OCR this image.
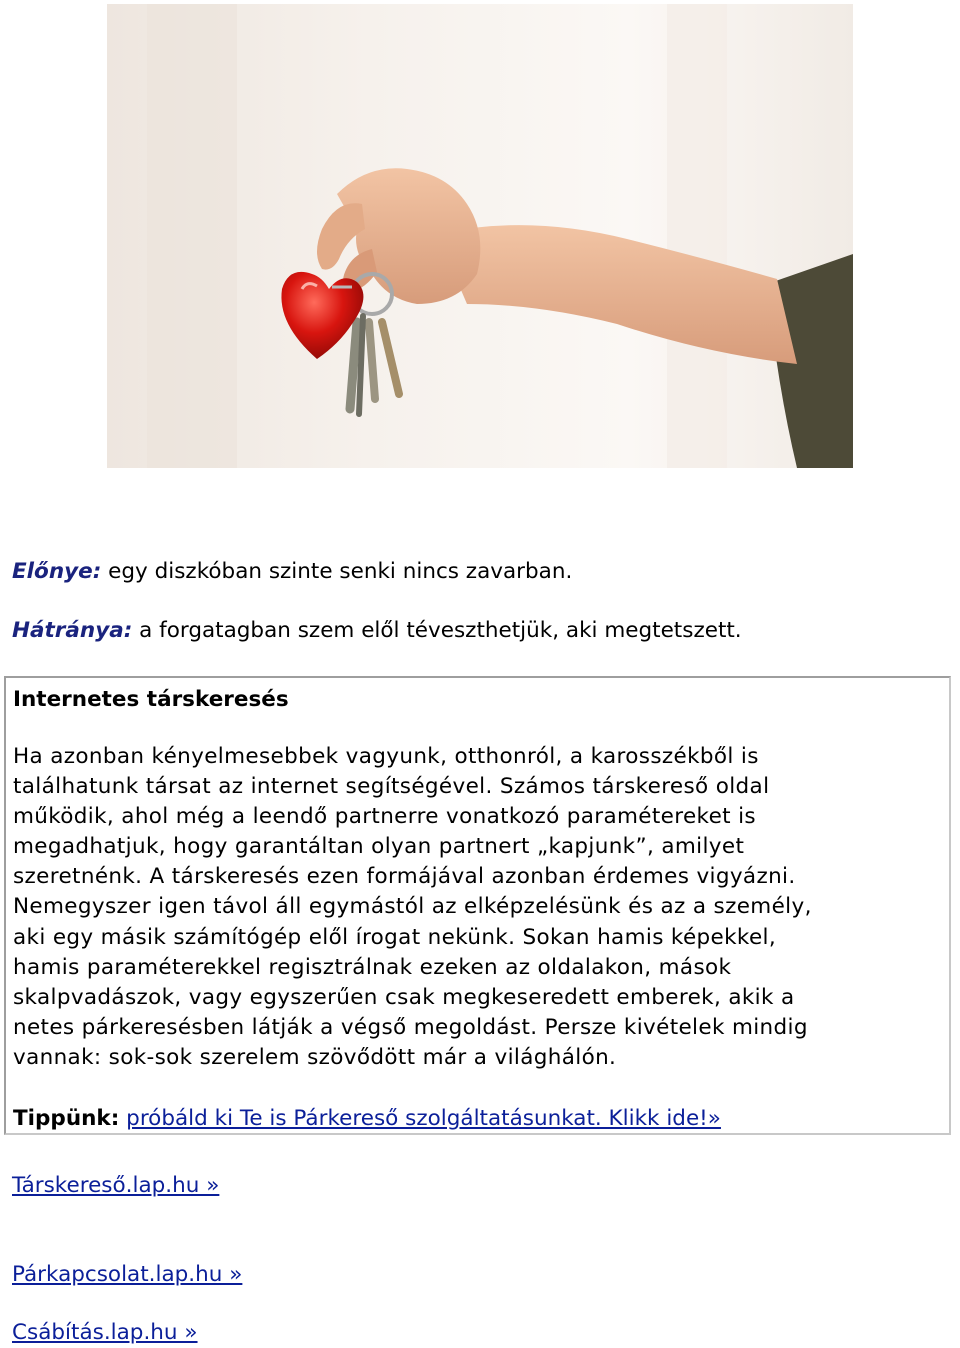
Előnye: egy diszkóban szinte senki nincs zavarban.
Hátránya: a forgatagban szem elől téveszthetjük, aki megtetszett.
Internetes társkeresés
Ha azonban kényelmesebbek vagyunk, otthonról, a karosszékből is
találhatunk társat az internet segítségével. Számos társkereső oldal
működik, ahol még a leendő partnerre vonatkozó paramétereket is
megadhatjuk, hogy garantáltan olyan partnert „kapjunk”, amilyet
szeretnénk. A társkeresés ezen formájával azonban érdemes vigyázni.
Nemegyszer igen távol áll egymástól az elképzelésünk és az a személy,
aki egy másik számítógép elől írogat nekünk. Sokan hamis képekkel,
hamis paraméterekkel regisztrálnak ezeken az oldalakon, mások
skalpvadászok, vagy egyszerűen csak megkeseredett emberek, akik a
netes párkeresésben látják a végső megoldást. Persze kivételek mindig
vannak: sok-sok szerelem szövődött már a világhálón.
Tippünk: próbáld ki Te is Párkereső szolgáltatásunkat. Klikk ide!»
Társkereső.lap.hu »
Párkapcsolat.lap.hu »
Csábítás.lap.hu »
